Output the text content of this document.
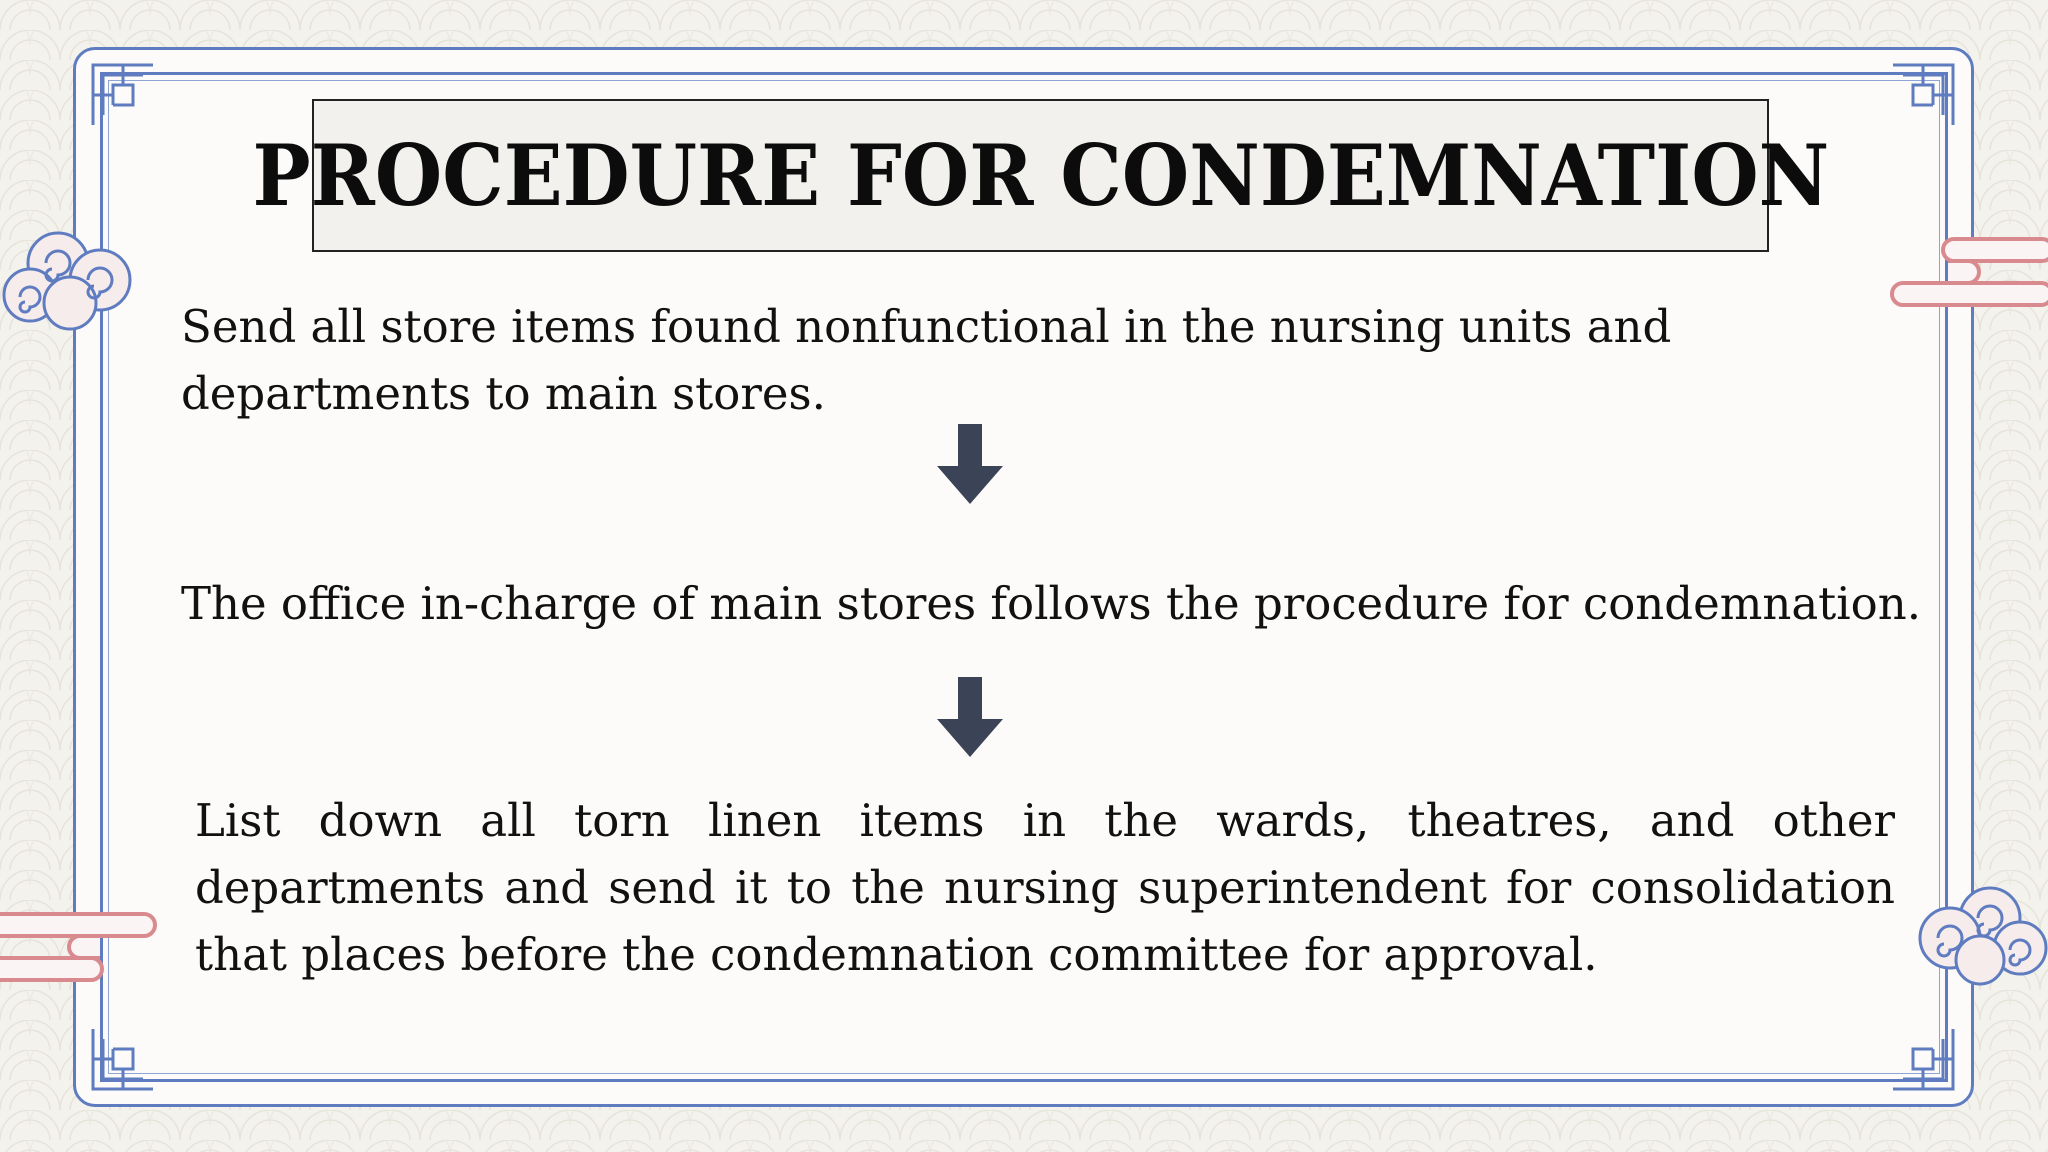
PROCEDURE FOR CONDEMNATION
Send all store items found nonfunctional in the nursing units and departments to main stores.
The office in-charge of main stores follows the procedure for condemnation.
List down all torn linen items in the wards, theatres, and other departments and send it to the nursing superintendent for consolidation that places before the condemnation committee for approval.
